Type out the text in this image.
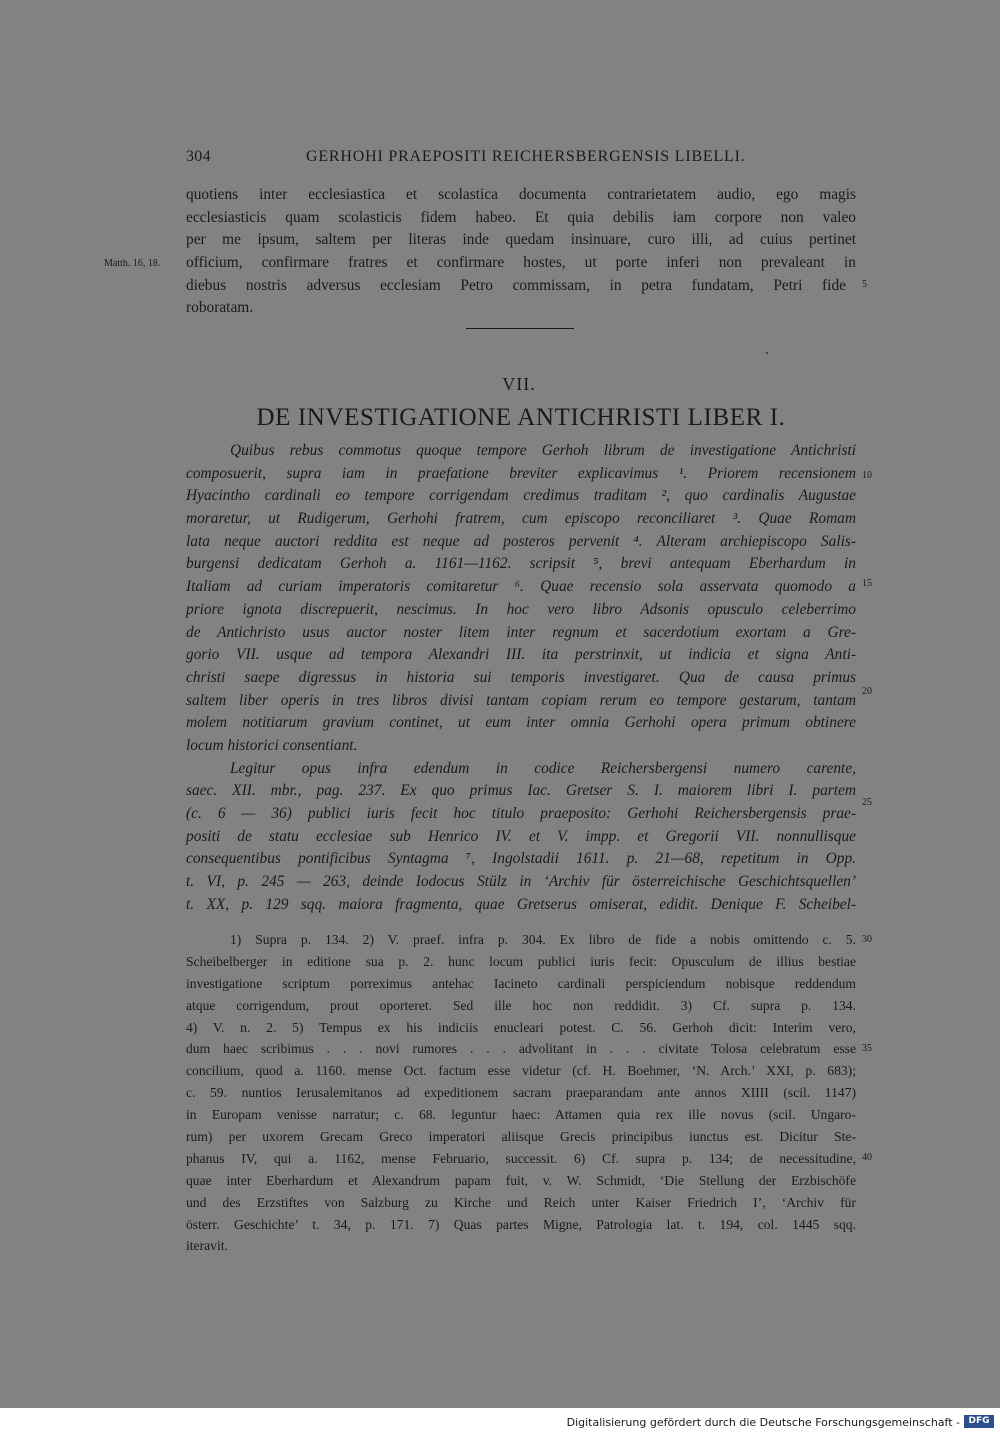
304	GERHOHI PRAEPOSITI REICHERSBERGENSIS LIBELLI.
quotiens inter ecclesiastica et scolastica documenta contrarietatem audio, ego magis
ecclesiasticis quam scolasticis fidem habeo. Et quia debilis iam corpore non valeo
per me ipsum, saltem per literas inde quedam insinuare, curo illi, ad cuius pertinet
officium, confirmare fratres et confirmare hostes, ut porte inferi non prevaleant in
diebus nostris adversus ecclesiam Petro commissam, in petra fundatam, Petri fide
roboratam.
Matth. 16, 18.
5
VII.
DE INVESTIGATIONE ANTICHRISTI LIBER I.
Quibus rebus commotus quoque tempore Gerhoh librum de investigatione Antichristi
composuerit, supra iam in praefatione breviter explicavimus ¹. Priorem recensionem
Hyacintho cardinali eo tempore corrigendam credimus traditam ², quo cardinalis Augustae
moraretur, ut Rudigerum, Gerhohi fratrem, cum episcopo reconciliaret ³. Quae Romam
lata neque auctori reddita est neque ad posteros pervenit ⁴. Alteram archiepiscopo Salis-
burgensi dedicatam Gerhoh a. 1161—1162. scripsit ⁵, brevi antequam Eberhardum in
Italiam ad curiam imperatoris comitaretur ⁶. Quae recensio sola asservata quomodo a
priore ignota discrepuerit, nescimus. In hoc vero libro Adsonis opusculo celeberrimo
de Antichristo usus auctor noster litem inter regnum et sacerdotium exortam a Gre-
gorio VII. usque ad tempora Alexandri III. ita perstrinxit, ut indicia et signa Anti-
christi saepe digressus in historia sui temporis investigaret. Qua de causa primus
saltem liber operis in tres libros divisi tantam copiam rerum eo tempore gestarum, tantam
molem notitiarum gravium continet, ut eum inter omnia Gerhohi opera primum obtinere
locum historici consentiant.
Legitur opus infra edendum in codice Reichersbergensi numero carente,
saec. XII. mbr., pag. 237. Ex quo primus Iac. Gretser S. I. maiorem libri I. partem
(c. 6 — 36) publici iuris fecit hoc titulo praeposito: Gerhohi Reichersbergensis prae-
positi de statu ecclesiae sub Henrico IV. et V. impp. et Gregorii VII. nonnullisque
consequentibus pontificibus Syntagma ⁷, Ingolstadii 1611. p. 21—68, repetitum in Opp.
t. VI, p. 245 — 263, deinde Iodocus Stülz in ‘Archiv für österreichische Geschichtsquellen’
t. XX, p. 129 sqq. maiora fragmenta, quae Gretserus omiserat, edidit. Denique F. Scheibel-
10
15
20
25
1) Supra p. 134. 2) V. praef. infra p. 304. Ex libro de fide a nobis omittendo c. 5.
Scheibelberger in editione sua p. 2. hunc locum publici iuris fecit: Opusculum de illius bestiae
investigatione scriptum porreximus antehac Iacineto cardinali perspiciendum nobisque reddendum
atque corrigendum, prout oporteret. Sed ille hoc non reddidit. 3) Cf. supra p. 134.
4) V. n. 2. 5) Tempus ex his indiciis enucleari potest. C. 56. Gerhoh dicit: Interim vero,
dum haec scribimus . . . novi rumores . . . advolitant in . . . civitate Tolosa celebratum esse
concilium, quod a. 1160. mense Oct. factum esse videtur (cf. H. Boehmer, ‘N. Arch.’ XXI, p. 683);
c. 59. nuntios Ierusalemitanos ad expeditionem sacram praeparandam ante annos XIIII (scil. 1147)
in Europam venisse narratur; c. 68. leguntur haec: Attamen quia rex ille novus (scil. Ungaro-
rum) per uxorem Grecam Greco imperatori aliisque Grecis principibus iunctus est. Dicitur Ste-
phanus IV, qui a. 1162, mense Februario, successit. 6) Cf. supra p. 134; de necessitudine,
quae inter Eberhardum et Alexandrum papam fuit, v. W. Schmidt, ‘Die Stellung der Erzbischöfe
und des Erzstiftes von Salzburg zu Kirche und Reich unter Kaiser Friedrich I’, ‘Archiv für
österr. Geschichte’ t. 34, p. 171. 7) Quas partes Migne, Patrologia lat. t. 194, col. 1445 sqq.
iteravit.
30
35
40
Digitalisierung gefördert durch die Deutsche Forschungsgemeinschaft - DFG
